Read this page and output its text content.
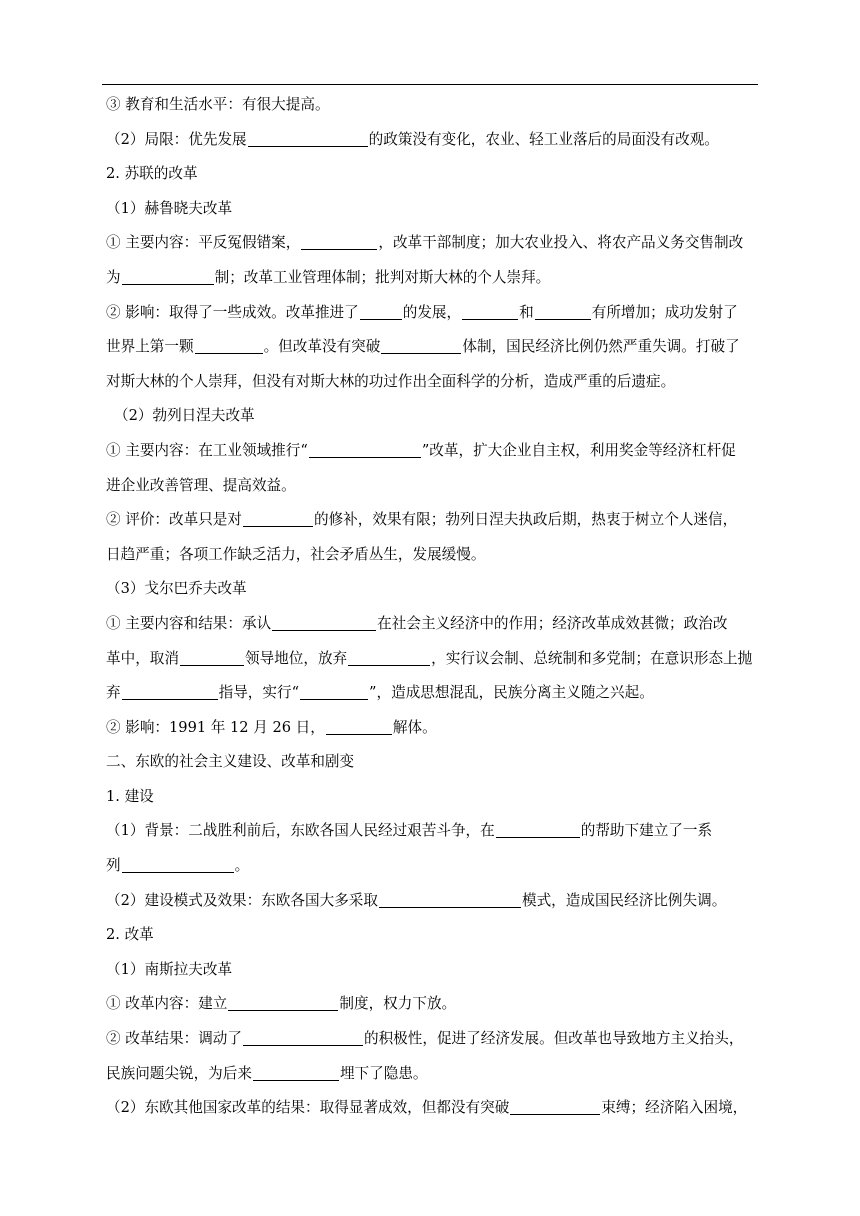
③ 教育和生活水平：有很大提高。
（2）局限：优先发展	的政策没有变化，农业、轻工业落后的局面没有改观。
2. 苏联的改革
（1）赫鲁晓夫改革
① 主要内容：平反冤假错案，	，改革干部制度；加大农业投入、将农产品义务交售制改
为	制；改革工业管理体制；批判对斯大林的个人崇拜。
② 影响：取得了一些成效。改革推进了	的发展，	和	有所增加；成功发射了
世界上第一颗	。但改革没有突破	体制，国民经济比例仍然严重失调。打破了
对斯大林的个人崇拜，但没有对斯大林的功过作出全面科学的分析，造成严重的后遗症。
（2）勃列日涅夫改革
① 主要内容：在工业领域推行“	”改革，扩大企业自主权，利用奖金等经济杠杆促
进企业改善管理、提高效益。
② 评价：改革只是对	的修补，效果有限；勃列日涅夫执政后期，热衷于树立个人迷信，
日趋严重；各项工作缺乏活力，社会矛盾丛生，发展缓慢。
（3）戈尔巴乔夫改革
① 主要内容和结果：承认	在社会主义经济中的作用；经济改革成效甚微；政治改
革中，取消	领导地位，放弃	，实行议会制、总统制和多党制；在意识形态上抛
弃	指导，实行“	”，造成思想混乱，民族分离主义随之兴起。
② 影响：1991 年 12 月 26 日，	解体。
二、东欧的社会主义建设、改革和剧变
1. 建设
（1）背景：二战胜利前后，东欧各国人民经过艰苦斗争，在	的帮助下建立了一系
列	。
（2）建设模式及效果：东欧各国大多采取	模式，造成国民经济比例失调。
2. 改革
（1）南斯拉夫改革
① 改革内容：建立	制度，权力下放。
② 改革结果：调动了	的积极性，促进了经济发展。但改革也导致地方主义抬头，
民族问题尖锐，为后来	埋下了隐患。
（2）东欧其他国家改革的结果：取得显著成效，但都没有突破	束缚；经济陷入困境，
